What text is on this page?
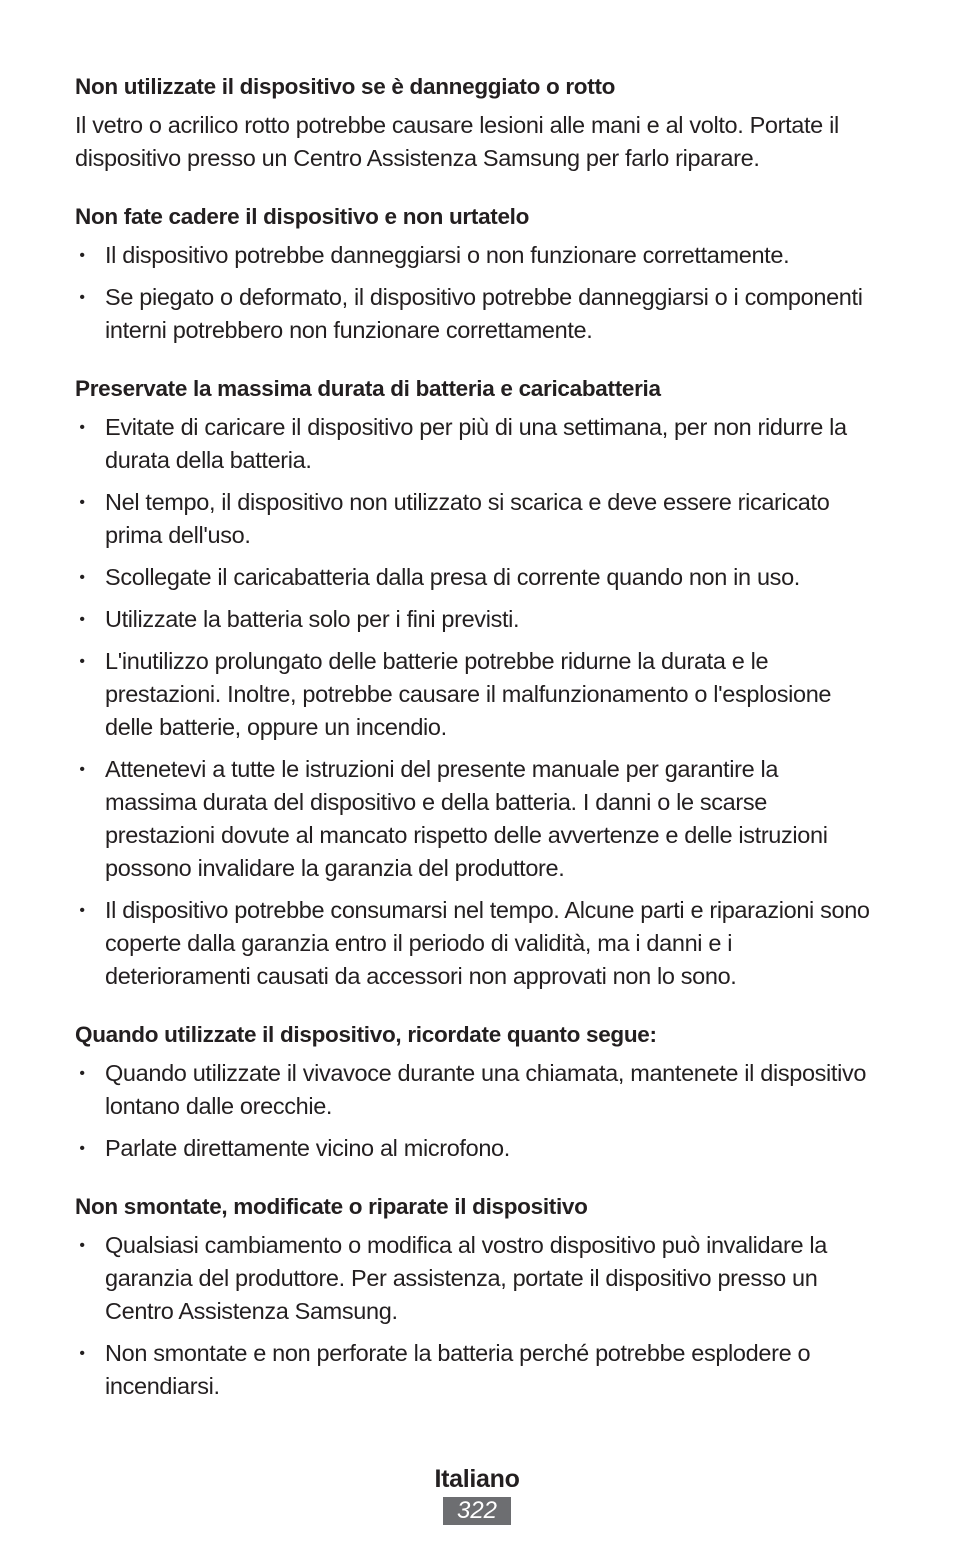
Non utilizzate il dispositivo se è danneggiato o rotto

Il vetro o acrilico rotto potrebbe causare lesioni alle mani e al volto. Portate il dispositivo presso un Centro Assistenza Samsung per farlo riparare.

Non fate cadere il dispositivo e non urtatelo
• Il dispositivo potrebbe danneggiarsi o non funzionare correttamente.
• Se piegato o deformato, il dispositivo potrebbe danneggiarsi o i componenti interni potrebbero non funzionare correttamente.
Preservate la massima durata di batteria e caricabatteria
• Evitate di caricare il dispositivo per più di una settimana, per non ridurre la durata della batteria.
• Nel tempo, il dispositivo non utilizzato si scarica e deve essere ricaricato prima dell'uso.
• Scollegate il caricabatteria dalla presa di corrente quando non in uso.
• Utilizzate la batteria solo per i fini previsti.
• L'inutilizzo prolungato delle batterie potrebbe ridurne la durata e le prestazioni. Inoltre, potrebbe causare il malfunzionamento o l'esplosione delle batterie, oppure un incendio.
• Attenetevi a tutte le istruzioni del presente manuale per garantire la massima durata del dispositivo e della batteria. I danni o le scarse prestazioni dovute al mancato rispetto delle avvertenze e delle istruzioni possono invalidare la garanzia del produttore.
• Il dispositivo potrebbe consumarsi nel tempo. Alcune parti e riparazioni sono coperte dalla garanzia entro il periodo di validità, ma i danni e i deterioramenti causati da accessori non approvati non lo sono.
Quando utilizzate il dispositivo, ricordate quanto segue:
• Quando utilizzate il vivavoce durante una chiamata, mantenete il dispositivo lontano dalle orecchie.
• Parlate direttamente vicino al microfono.
Non smontate, modificate o riparate il dispositivo
• Qualsiasi cambiamento o modifica al vostro dispositivo può invalidare la garanzia del produttore. Per assistenza, portate il dispositivo presso un Centro Assistenza Samsung.
• Non smontate e non perforate la batteria perché potrebbe esplodere o incendiarsi.
Italiano
322
